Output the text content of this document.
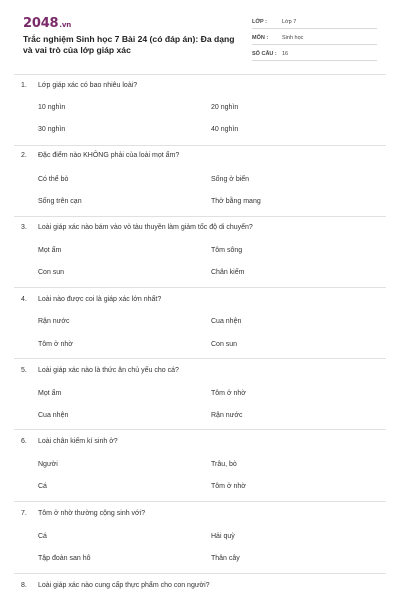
2048.vn
Trắc nghiệm Sinh học 7 Bài 24 (có đáp án): Đa dạng và vai trò của lớp giáp xác
LỚP :	Lớp 7
MÔN :	Sinh học
SỐ CÂU : 16
1. Lớp giáp xác có bao nhiêu loài?
10 nghìn	20 nghìn
30 nghìn	40 nghìn
2. Đặc điểm nào KHÔNG phải của loài mọt ẩm?
Có thể bò	Sống ở biển
Sống trên cạn	Thở bằng mang
3. Loài giáp xác nào bám vào vỏ tàu thuyền làm giảm tốc độ di chuyển?
Mọt ẩm	Tôm sông
Con sun	Chân kiếm
4. Loài nào được coi là giáp xác lớn nhất?
Rận nước	Cua nhện
Tôm ở nhờ	Con sun
5. Loài giáp xác nào là thức ăn chủ yếu cho cá?
Mọt ẩm	Tôm ở nhờ
Cua nhện	Rận nước
6. Loài chân kiếm kí sinh ở?
Người	Trâu, bò
Cá	Tôm ở nhờ
7. Tôm ở nhờ thường cộng sinh với?
Cá	Hải quỳ
Tập đoàn san hô	Thân cây
8. Loài giáp xác nào cung cấp thực phẩm cho con người?
